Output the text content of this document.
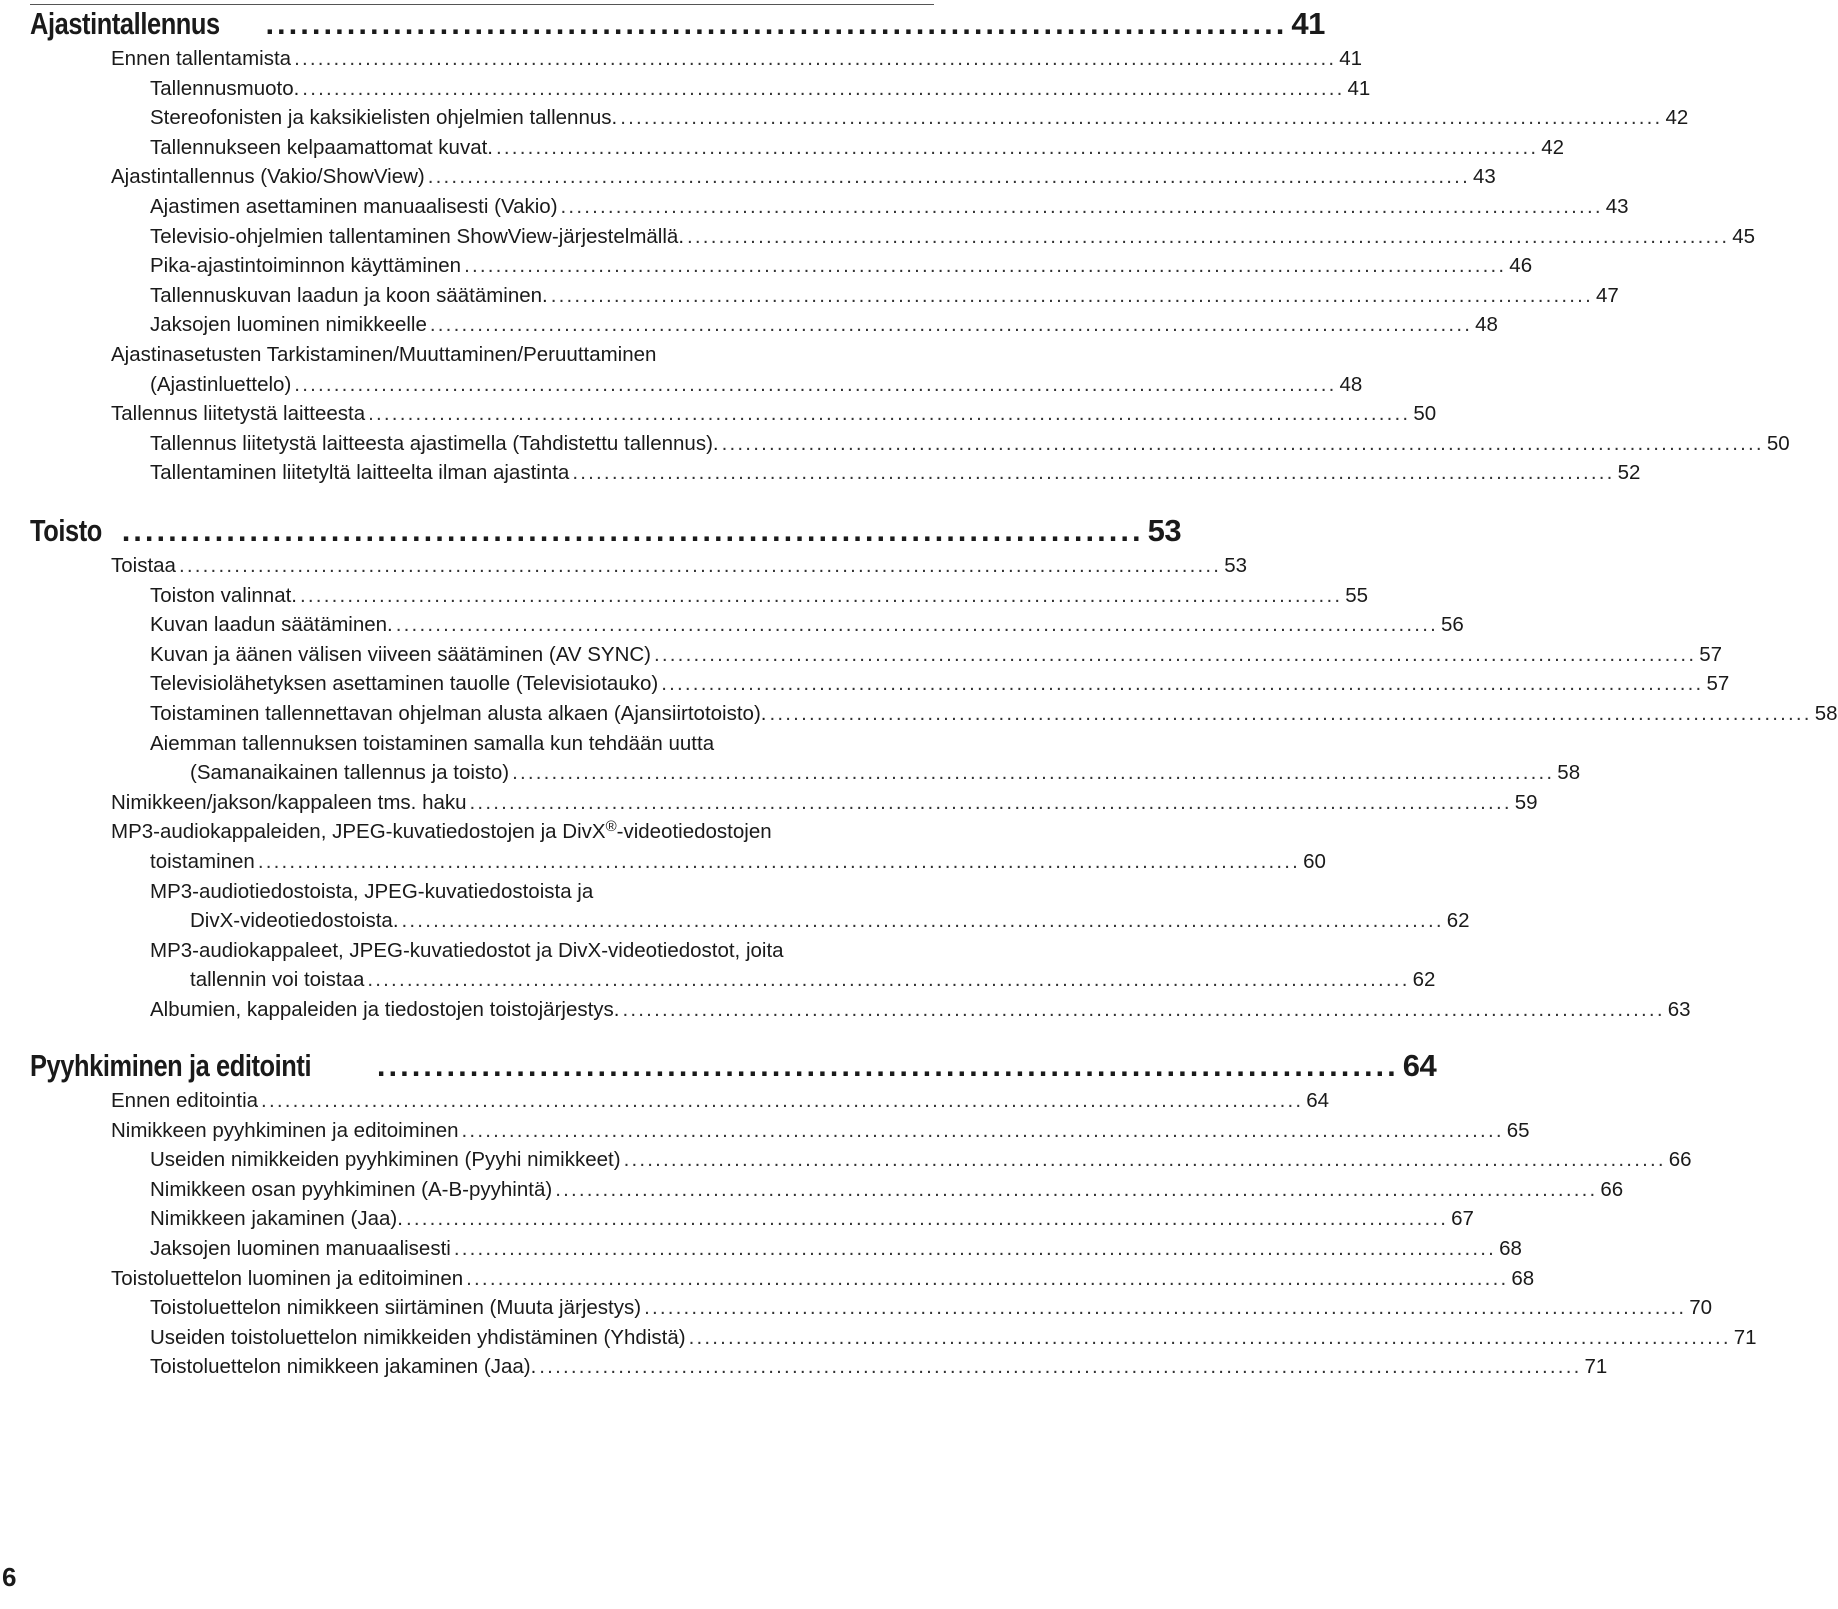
Ajastintallennus ........................................................................................ 41
Ennen tallentamista .................................................................................................................................... 41
Tallennusmuoto. .................................................................................................................................... 41
Stereofonisten ja kaksikielisten ohjelmien tallennus. .................................................................................................................................... 42
Tallennukseen kelpaamattomat kuvat. .................................................................................................................................... 42
Ajastintallennus (Vakio/ShowView) .................................................................................................................................... 43
Ajastimen asettaminen manuaalisesti (Vakio) .................................................................................................................................... 43
Televisio-ohjelmien tallentaminen ShowView-järjestelmällä. .................................................................................................................................... 45
Pika-ajastintoiminnon käyttäminen .................................................................................................................................... 46
Tallennuskuvan laadun ja koon säätäminen. .................................................................................................................................... 47
Jaksojen luominen nimikkeelle .................................................................................................................................... 48
Ajastinasetusten Tarkistaminen/Muuttaminen/Peruuttaminen
(Ajastinluettelo) .................................................................................................................................... 48
Tallennus liitetystä laitteesta .................................................................................................................................... 50
Tallennus liitetystä laitteesta ajastimella (Tahdistettu tallennus). .................................................................................................................................... 50
Tallentaminen liitetyltä laitteelta ilman ajastinta .................................................................................................................................... 52
Toisto ........................................................................................ 53
Toistaa .................................................................................................................................... 53
Toiston valinnat. .................................................................................................................................... 55
Kuvan laadun säätäminen. .................................................................................................................................... 56
Kuvan ja äänen välisen viiveen säätäminen (AV SYNC) .................................................................................................................................... 57
Televisiolähetyksen asettaminen tauolle (Televisiotauko) .................................................................................................................................... 57
Toistaminen tallennettavan ohjelman alusta alkaen (Ajansiirtotoisto). .................................................................................................................................... 58
Aiemman tallennuksen toistaminen samalla kun tehdään uutta
(Samanaikainen tallennus ja toisto) .................................................................................................................................... 58
Nimikkeen/jakson/kappaleen tms. haku .................................................................................................................................... 59
MP3-audiokappaleiden, JPEG-kuvatiedostojen ja DivX®-videotiedostojen
toistaminen .................................................................................................................................... 60
MP3-audiotiedostoista, JPEG-kuvatiedostoista ja
DivX-videotiedostoista. .................................................................................................................................... 62
MP3-audiokappaleet, JPEG-kuvatiedostot ja DivX-videotiedostot, joita
tallennin voi toistaa .................................................................................................................................... 62
Albumien, kappaleiden ja tiedostojen toistojärjestys. .................................................................................................................................... 63
Pyyhkiminen ja editointi ........................................................................................ 64
Ennen editointia .................................................................................................................................... 64
Nimikkeen pyyhkiminen ja editoiminen .................................................................................................................................... 65
Useiden nimikkeiden pyyhkiminen (Pyyhi nimikkeet) .................................................................................................................................... 66
Nimikkeen osan pyyhkiminen (A-B-pyyhintä) .................................................................................................................................... 66
Nimikkeen jakaminen (Jaa). .................................................................................................................................... 67
Jaksojen luominen manuaalisesti .................................................................................................................................... 68
Toistoluettelon luominen ja editoiminen .................................................................................................................................... 68
Toistoluettelon nimikkeen siirtäminen (Muuta järjestys) .................................................................................................................................... 70
Useiden toistoluettelon nimikkeiden yhdistäminen (Yhdistä) .................................................................................................................................... 71
Toistoluettelon nimikkeen jakaminen (Jaa). .................................................................................................................................... 71
6
